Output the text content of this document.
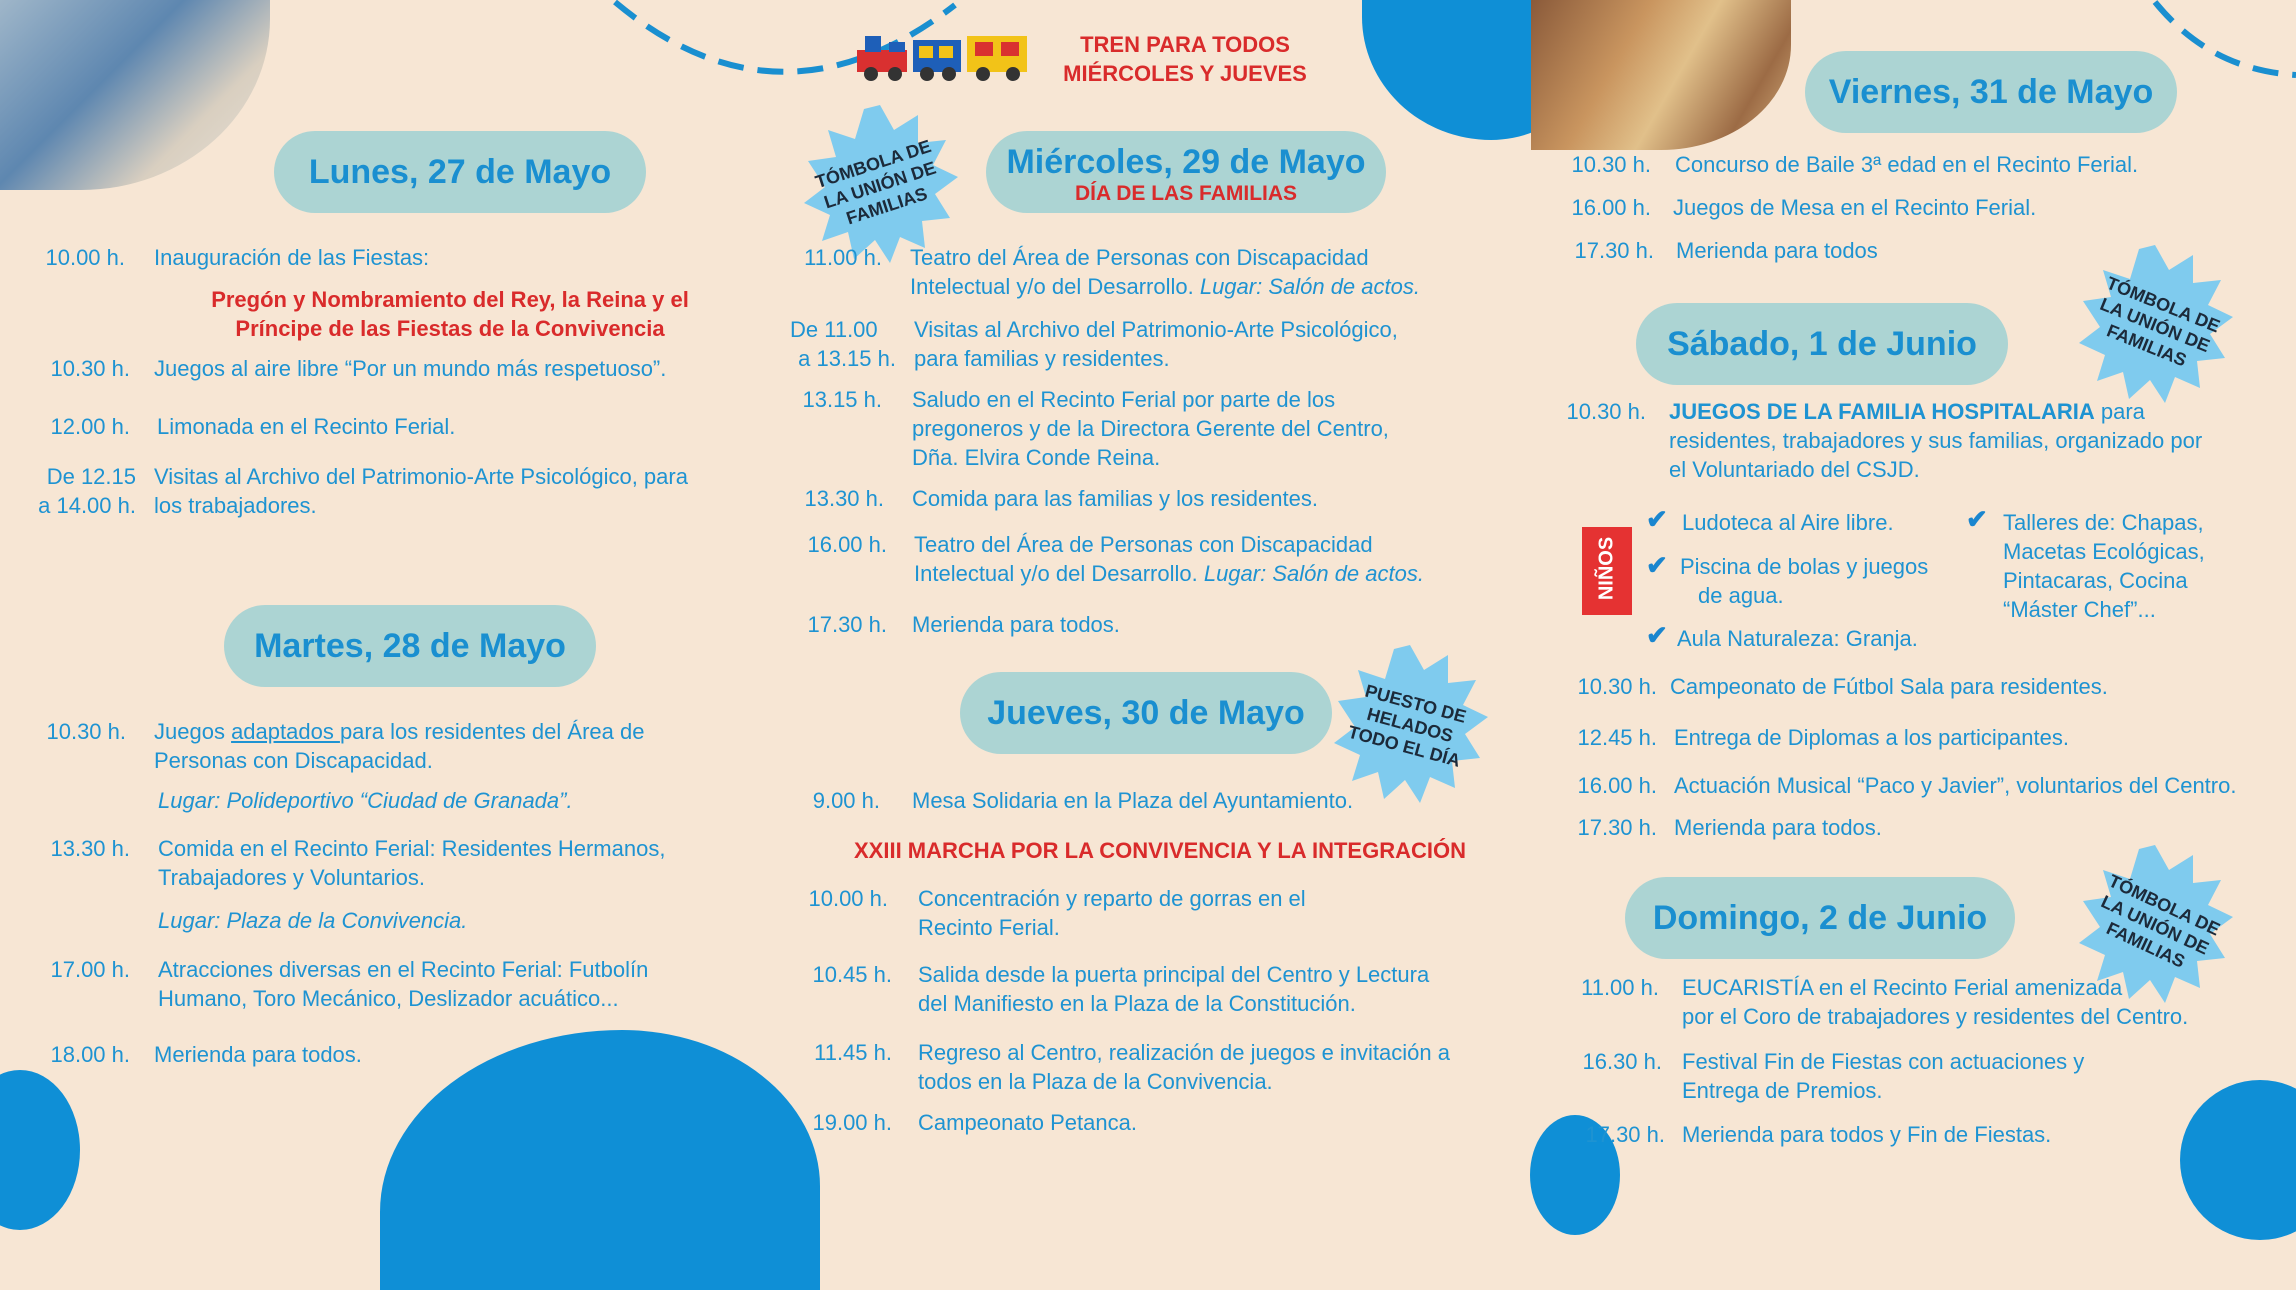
TREN PARA TODOS
MIÉRCOLES Y JUEVES
Lunes, 27 de Mayo
10.00 h. Inauguración de las Fiestas:
Pregón y Nombramiento del Rey, la Reina y el
Príncipe de las Fiestas de la Convivencia
10.30 h. Juegos al aire libre “Por un mundo más respetuoso”.
12.00 h. Limonada en el Recinto Ferial.
De 12.15
a 14.00 h.
Visitas al Archivo del Patrimonio-Arte Psicológico, para
los trabajadores.
Martes, 28 de Mayo
10.30 h. Juegos adaptados para los residentes del Área de
Personas con Discapacidad.
Lugar: Polideportivo “Ciudad de Granada”.
13.30 h. Comida en el Recinto Ferial: Residentes Hermanos,
Trabajadores y Voluntarios.
Lugar: Plaza de la Convivencia.
17.00 h. Atracciones diversas en el Recinto Ferial: Futbolín
Humano, Toro Mecánico, Deslizador acuático...
18.00 h. Merienda para todos.
TÓMBOLA DE
LA UNIÓN DE
FAMILIAS
Miércoles, 29 de Mayo
DÍA DE LAS FAMILIAS
11.00 h. Teatro del Área de Personas con Discapacidad
Intelectual y/o del Desarrollo. Lugar: Salón de actos.
De 11.00
a 13.15 h.
Visitas al Archivo del Patrimonio-Arte Psicológico,
para familias y residentes.
13.15 h. Saludo en el Recinto Ferial por parte de los
pregoneros y de la Directora Gerente del Centro,
Dña. Elvira Conde Reina.
13.30 h. Comida para las familias y los residentes.
16.00 h. Teatro del Área de Personas con Discapacidad
Intelectual y/o del Desarrollo. Lugar: Salón de actos.
17.30 h. Merienda para todos.
Jueves, 30 de Mayo	PUESTO DE
HELADOS
TODO EL DÍA
9.00 h. Mesa Solidaria en la Plaza del Ayuntamiento.
XXIII MARCHA POR LA CONVIVENCIA Y LA INTEGRACIÓN
10.00 h. Concentración y reparto de gorras en el
Recinto Ferial.
10.45 h. Salida desde la puerta principal del Centro y Lectura
del Manifiesto en la Plaza de la Constitución.
11.45 h. Regreso al Centro, realización de juegos e invitación a
todos en la Plaza de la Convivencia.
19.00 h. Campeonato Petanca.
Viernes, 31 de Mayo
10.30 h. Concurso de Baile 3ª edad en el Recinto Ferial.
16.00 h. Juegos de Mesa en el Recinto Ferial.
17.30 h. Merienda para todos
Sábado, 1 de Junio
TÓMBOLA DE
LA UNIÓN DE
FAMILIAS
10.30 h. JUEGOS DE LA FAMILIA HOSPITALARIA para
residentes, trabajadores y sus familias, organizado por
el Voluntariado del CSJD.
NIÑOS
✔ Ludoteca al Aire libre.
✔ Piscina de bolas y juegos
de agua.
✔ Aula Naturaleza: Granja.
✔ Talleres de: Chapas,
Macetas Ecológicas,
Pintacaras, Cocina
“Máster Chef”...
10.30 h. Campeonato de Fútbol Sala para residentes.
12.45 h. Entrega de Diplomas a los participantes.
16.00 h. Actuación Musical “Paco y Javier”, voluntarios del Centro.
17.30 h. Merienda para todos.
Domingo, 2 de Junio	TÓMBOLA DE
LA UNIÓN DE
FAMILIAS
11.00 h. EUCARISTÍA en el Recinto Ferial amenizada
por el Coro de trabajadores y residentes del Centro.
16.30 h. Festival Fin de Fiestas con actuaciones y
Entrega de Premios.
17.30 h. Merienda para todos y Fin de Fiestas.
